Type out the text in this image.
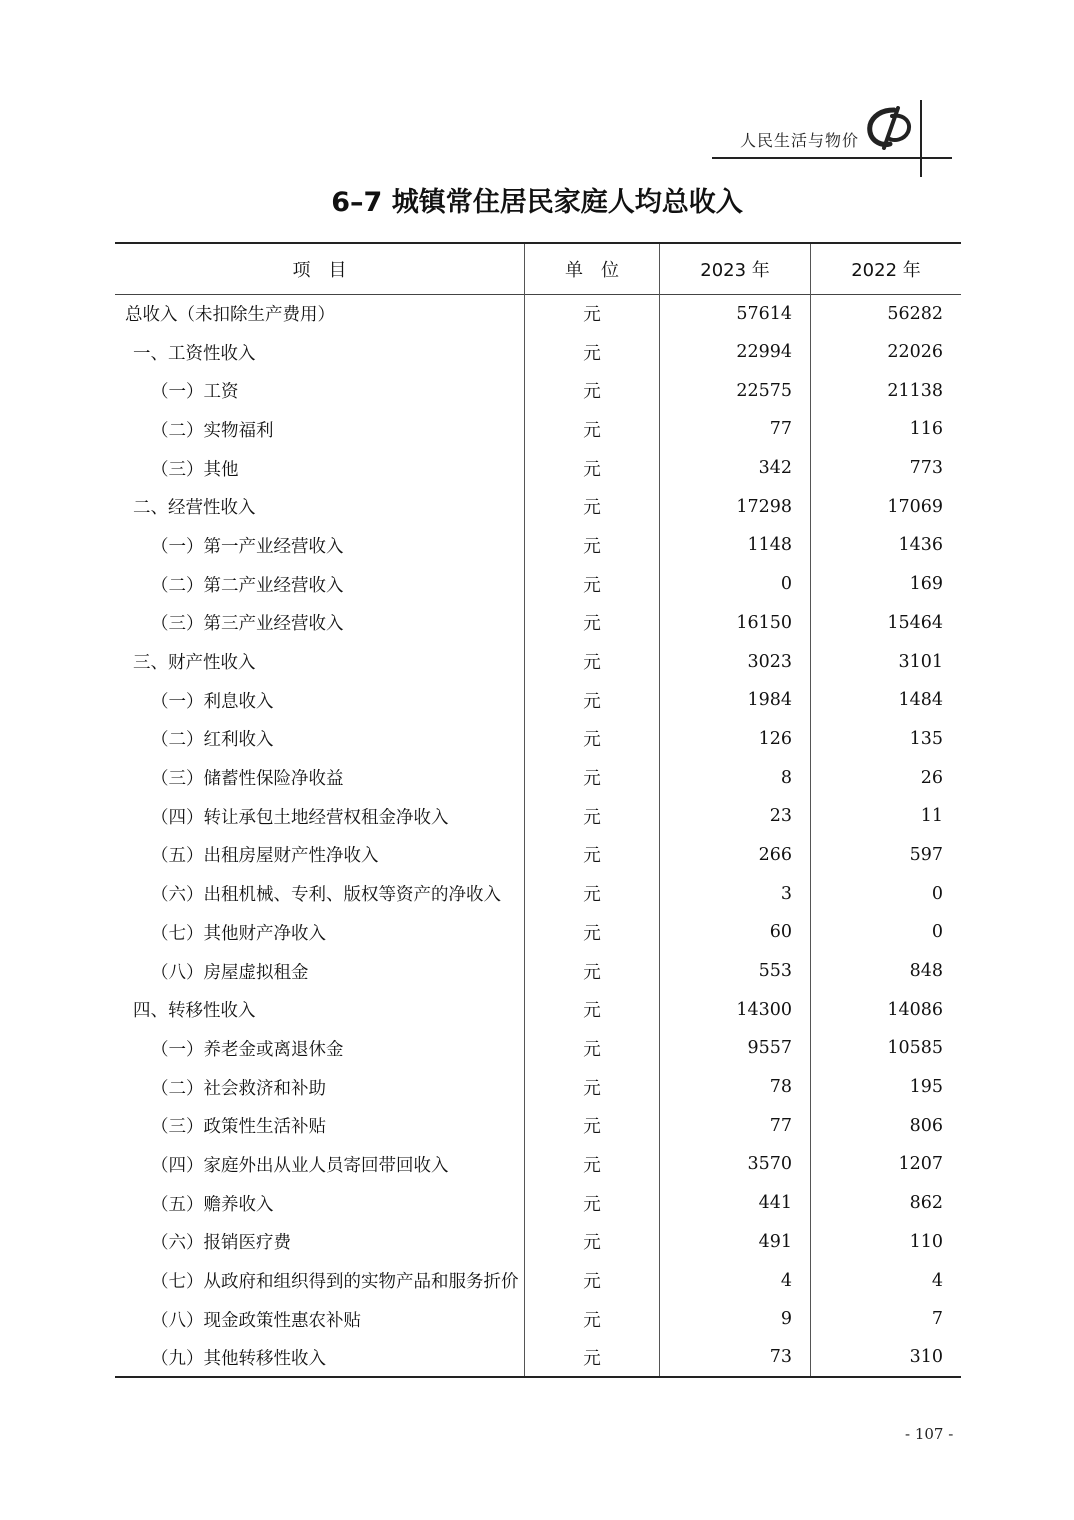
人民生活与物价
6–7 城镇常住居民家庭人均总收入
项　目	单　位	2023 年	2022 年
总收入（未扣除生产费用）	元	57614	56282
一、工资性收入	元	22994	22026
（一）工资	元	22575	21138
（二）实物福利	元	77	116
（三）其他	元	342	773
二、经营性收入	元	17298	17069
（一）第一产业经营收入	元	1148	1436
（二）第二产业经营收入	元	0	169
（三）第三产业经营收入	元	16150	15464
三、财产性收入	元	3023	3101
（一）利息收入	元	1984	1484
（二）红利收入	元	126	135
（三）储蓄性保险净收益	元	8	26
（四）转让承包土地经营权租金净收入	元	23	11
（五）出租房屋财产性净收入	元	266	597
（六）出租机械、专利、版权等资产的净收入	元	3	0
（七）其他财产净收入	元	60	0
（八）房屋虚拟租金	元	553	848
四、转移性收入	元	14300	14086
（一）养老金或离退休金	元	9557	10585
（二）社会救济和补助	元	78	195
（三）政策性生活补贴	元	77	806
（四）家庭外出从业人员寄回带回收入	元	3570	1207
（五）赡养收入	元	441	862
（六）报销医疗费	元	491	110
（七）从政府和组织得到的实物产品和服务折价	元	4	4
（八）现金政策性惠农补贴	元	9	7
（九）其他转移性收入	元	73	310
- 107 -
